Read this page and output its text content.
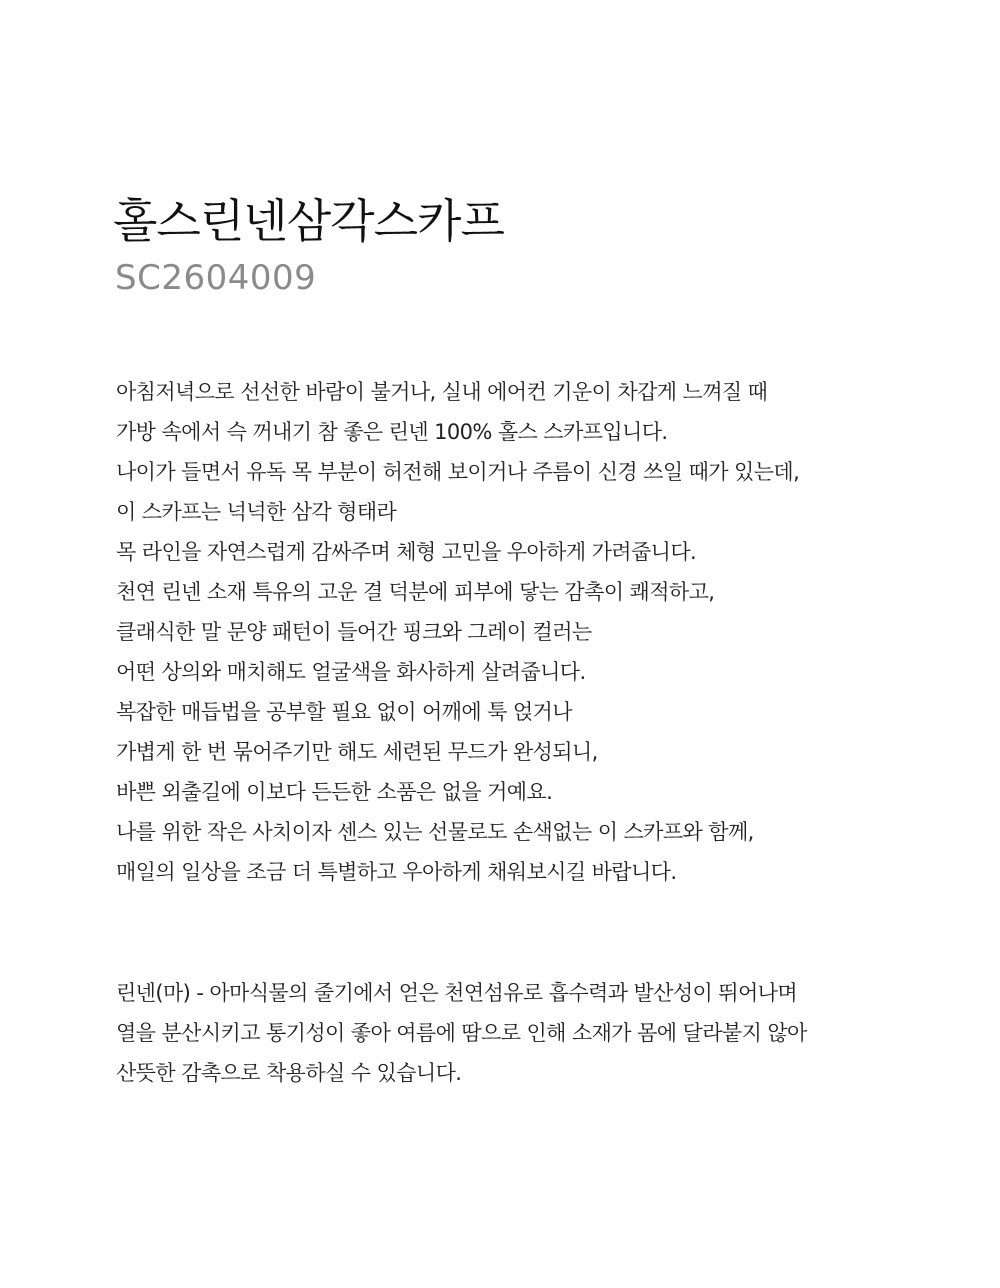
홀스린넨삼각스카프

SC2604009

아침저녁으로 선선한 바람이 불거나, 실내 에어컨 기운이 차갑게 느껴질 때
가방 속에서 슥 꺼내기 참 좋은 린넨 100% 홀스 스카프입니다.
나이가 들면서 유독 목 부분이 허전해 보이거나 주름이 신경 쓰일 때가 있는데,
이 스카프는 넉넉한 삼각 형태라
목 라인을 자연스럽게 감싸주며 체형 고민을 우아하게 가려줍니다.
천연 린넨 소재 특유의 고운 결 덕분에 피부에 닿는 감촉이 쾌적하고,
클래식한 말 문양 패턴이 들어간 핑크와 그레이 컬러는
어떤 상의와 매치해도 얼굴색을 화사하게 살려줍니다.
복잡한 매듭법을 공부할 필요 없이 어깨에 툭 얹거나
가볍게 한 번 묶어주기만 해도 세련된 무드가 완성되니,
바쁜 외출길에 이보다 든든한 소품은 없을 거예요.
나를 위한 작은 사치이자 센스 있는 선물로도 손색없는 이 스카프와 함께,
매일의 일상을 조금 더 특별하고 우아하게 채워보시길 바랍니다.
린넨(마) - 아마식물의 줄기에서 얻은 천연섬유로 흡수력과 발산성이 뛰어나며
열을 분산시키고 통기성이 좋아 여름에 땀으로 인해 소재가 몸에 달라붙지 않아
산뜻한 감촉으로 착용하실 수 있습니다.
